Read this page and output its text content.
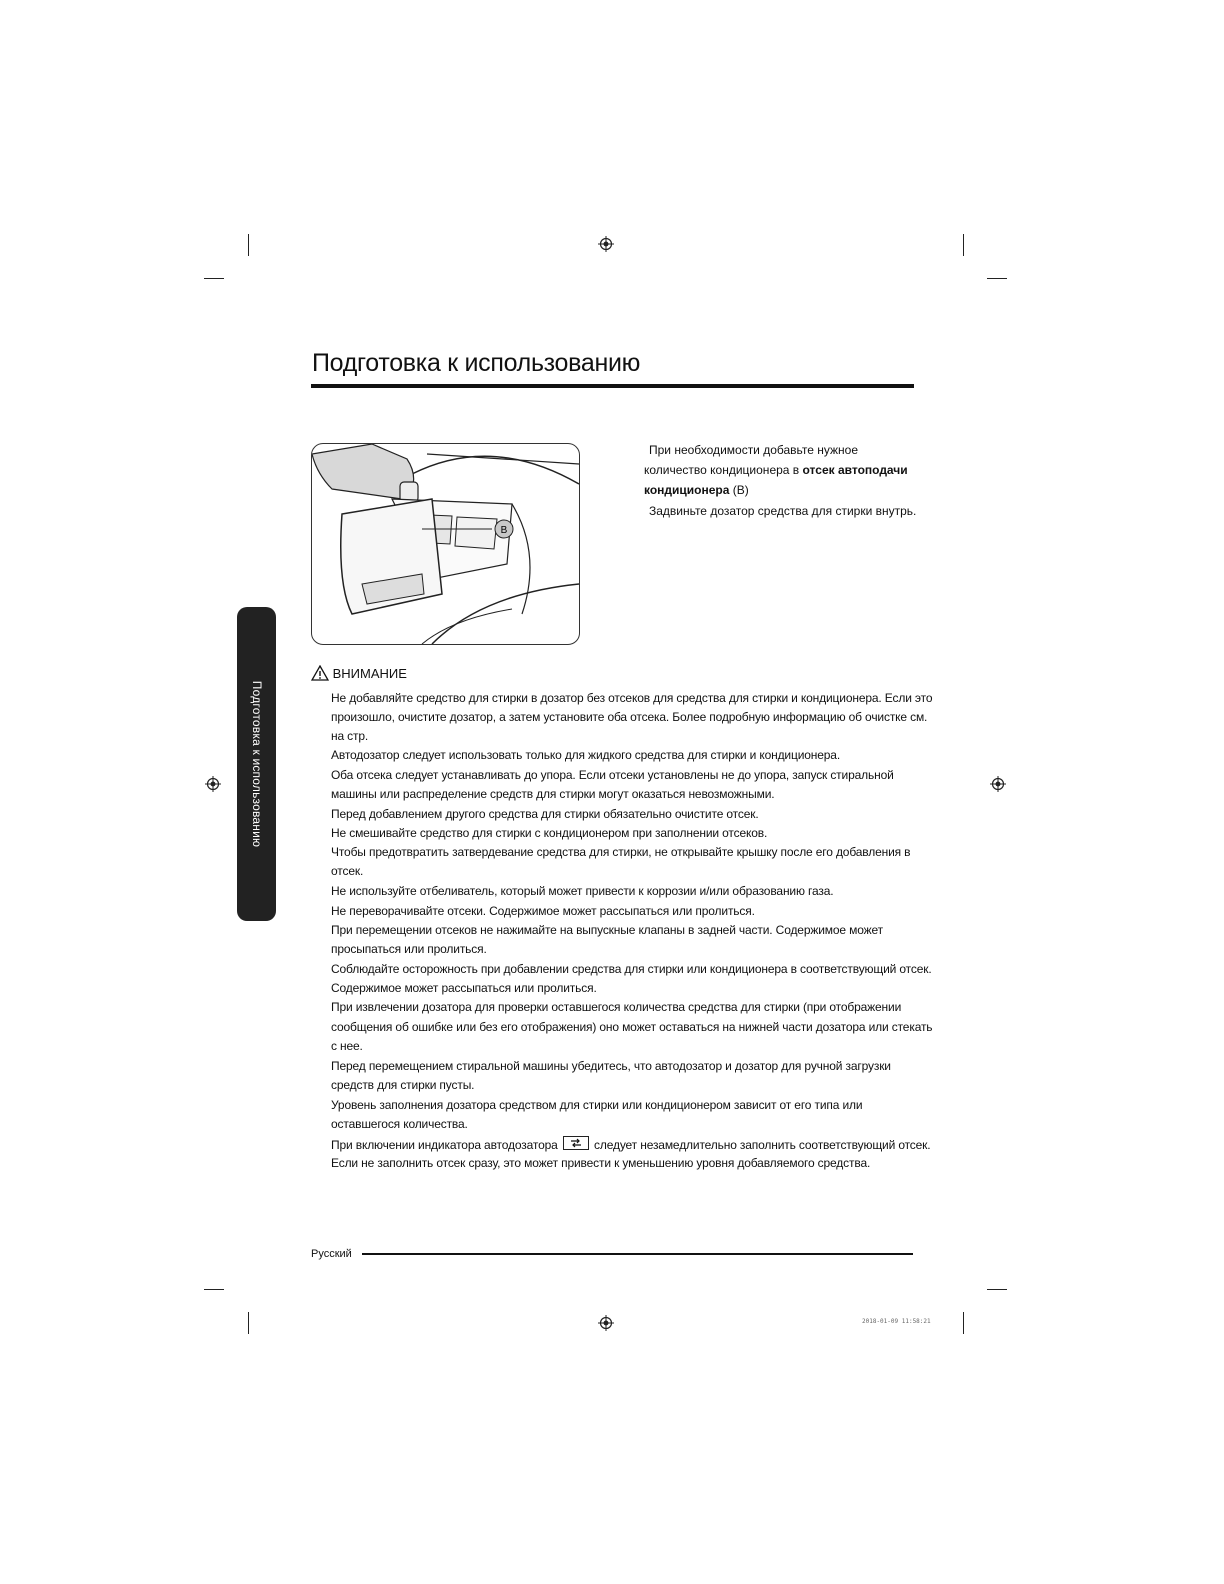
Подготовка к использованию
B
При необходимости добавьте нужное
количество кондиционера в отсек автоподачи
кондиционера (B)
Задвиньте дозатор средства для стирки внутрь.
Подготовка к использованию
ВНИМАНИЕ
Не добавляйте средство для стирки в дозатор без отсеков для средства для стирки и кондиционера. Если это
произошло, очистите дозатор, а затем установите оба отсека. Более подробную информацию об очистке см.
на стр.
Автодозатор следует использовать только для жидкого средства для стирки и кондиционера.
Оба отсека следует устанавливать до упора. Если отсеки установлены не до упора, запуск стиральной
машины или распределение средств для стирки могут оказаться невозможными.
Перед добавлением другого средства для стирки обязательно очистите отсек.
Не смешивайте средство для стирки с кондиционером при заполнении отсеков.
Чтобы предотвратить затвердевание средства для стирки, не открывайте крышку после его добавления в
отсек.
Не используйте отбеливатель, который может привести к коррозии и/или образованию газа.
Не переворачивайте отсеки. Содержимое может рассыпаться или пролиться.
При перемещении отсеков не нажимайте на выпускные клапаны в задней части. Содержимое может
просыпаться или пролиться.
Соблюдайте осторожность при добавлении средства для стирки или кондиционера в соответствующий отсек.
Содержимое может рассыпаться или пролиться.
При извлечении дозатора для проверки оставшегося количества средства для стирки (при отображении
сообщения об ошибке или без его отображения) оно может оставаться на нижней части дозатора или стекать
с нее.
Перед перемещением стиральной машины убедитесь, что автодозатор и дозатор для ручной загрузки
средств для стирки пусты.
Уровень заполнения дозатора средством для стирки или кондиционером зависит от его типа или
оставшегося количества.
При включении индикатора автодозатора	следует незамедлительно заполнить соответствующий отсек.
Если не заполнить отсек сразу, это может привести к уменьшению уровня добавляемого средства.
Русский
2018-01-09 11:58:21
